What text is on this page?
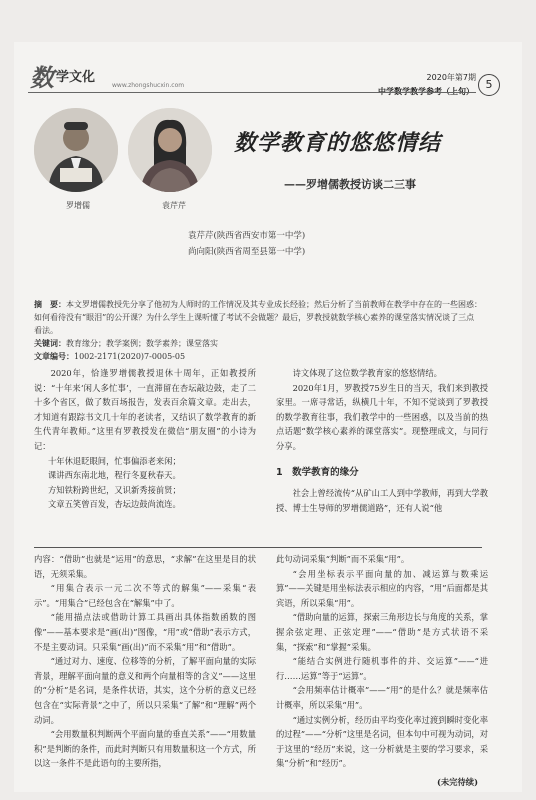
数 学文化
www.zhongshucxin.com
2020年第7期
中学数学教学参考（上旬）
5
罗增儒	袁芹芹
数学教育的悠悠情结
——罗增儒教授访谈二三事
袁芹芹(陕西省西安市第一中学)
尚向阳(陕西省周至县第一中学)

摘　要：本文罗增儒教授先分享了他初为人师时的工作情况及其专业成长经验；然后分析了当前教师在教学中存在的一些困惑：如何看待没有“眼泪”的公开课？为什么学生上课听懂了考试不会做题？最后，罗教授就数学核心素养的课堂落实情况谈了三点看法。

关键词：教育缘分；教学案例；数学素养；课堂落实

文章编号：1002-2171(2020)7-0005-05

2020年，恰逢罗增儒教授退休十周年，正如教授所说：“十年来‘闲人多忙事’，一直滞留在杏坛敲边鼓，走了二十多个省区，做了数百场报告，发表百余篇文章。走出去，才知道有跟踪书文几十年的老读者，又结识了数学教育的新生代青年教师。”这里有罗教授发在微信“朋友圈”的小诗为记：

十年休退眨眼间，忙事偏添老来闲；

课讲西东南北地，程行冬夏秋春天。

方知铁粉跨世纪，又识新秀接前贤；

文章五笑曾百发，杏坛边鼓尚流连。

诗文体现了这位数学教育家的悠悠情结。

2020年1月，罗教授75岁生日的当天，我们来到教授家里。一席寻常话，纵横几十年，不知不觉谈到了罗教授的数学教育往事，我们教学中的一些困惑，以及当前的热点话题“数学核心素养的课堂落实”。现整理成文，与同行分享。

1　数学教育的缘分

社会上曾经流传“从矿山工人到中学教师，再到大学教授、博士生导师的罗增儒道路”，还有人说“他

内容：“借助”也就是“运用”的意思，“求解”在这里是目的状语，无须采集。

“用集合表示一元二次不等式的解集”——采集“表示”。“用集合”已经包含在“解集”中了。

“能用描点法或借助计算工具画出具体指数函数的图像”——基本要求是“画(出)”图像，“用”或“借助”表示方式，不是主要动词。只采集“画(出)”而不采集“用”和“借助”。

“通过对力、速度、位移等的分析，了解平面向量的实际背景，理解平面向量的意义和两个向量相等的含义”——这里的“分析”是名词，是条件状语，其实，这个分析的意义已经包含在“实际背景”之中了，所以只采集“了解”和“理解”两个动词。

“会用数量积判断两个平面向量的垂直关系”——“用数量积”是判断的条件，而此时判断只有用数量积这一个方式，所以这一条件不是此语句的主要所指，

此句动词采集“判断”而不采集“用”。

“会用坐标表示平面向量的加、减运算与数乘运算”——关键是用坐标法表示相应的内容，“用”后面都是其宾语，所以采集“用”。

“借助向量的运算，探索三角形边长与角度的关系，掌握余弦定理、正弦定理”——“借助”是方式状语不采集，“探索”和“掌握”采集。

“能结合实例进行随机事件的并、交运算”——“进行……运算”等于“运算”。

“会用频率估计概率”——“用”的是什么？就是频率估计概率，所以采集“用”。

“通过实例分析，经历由平均变化率过渡到瞬时变化率的过程”——“分析”这里是名词，但本句中可视为动词，对于这里的“经历”来说，这一分析就是主要的学习要求，采集“分析”和“经历”。

(未完待续)
